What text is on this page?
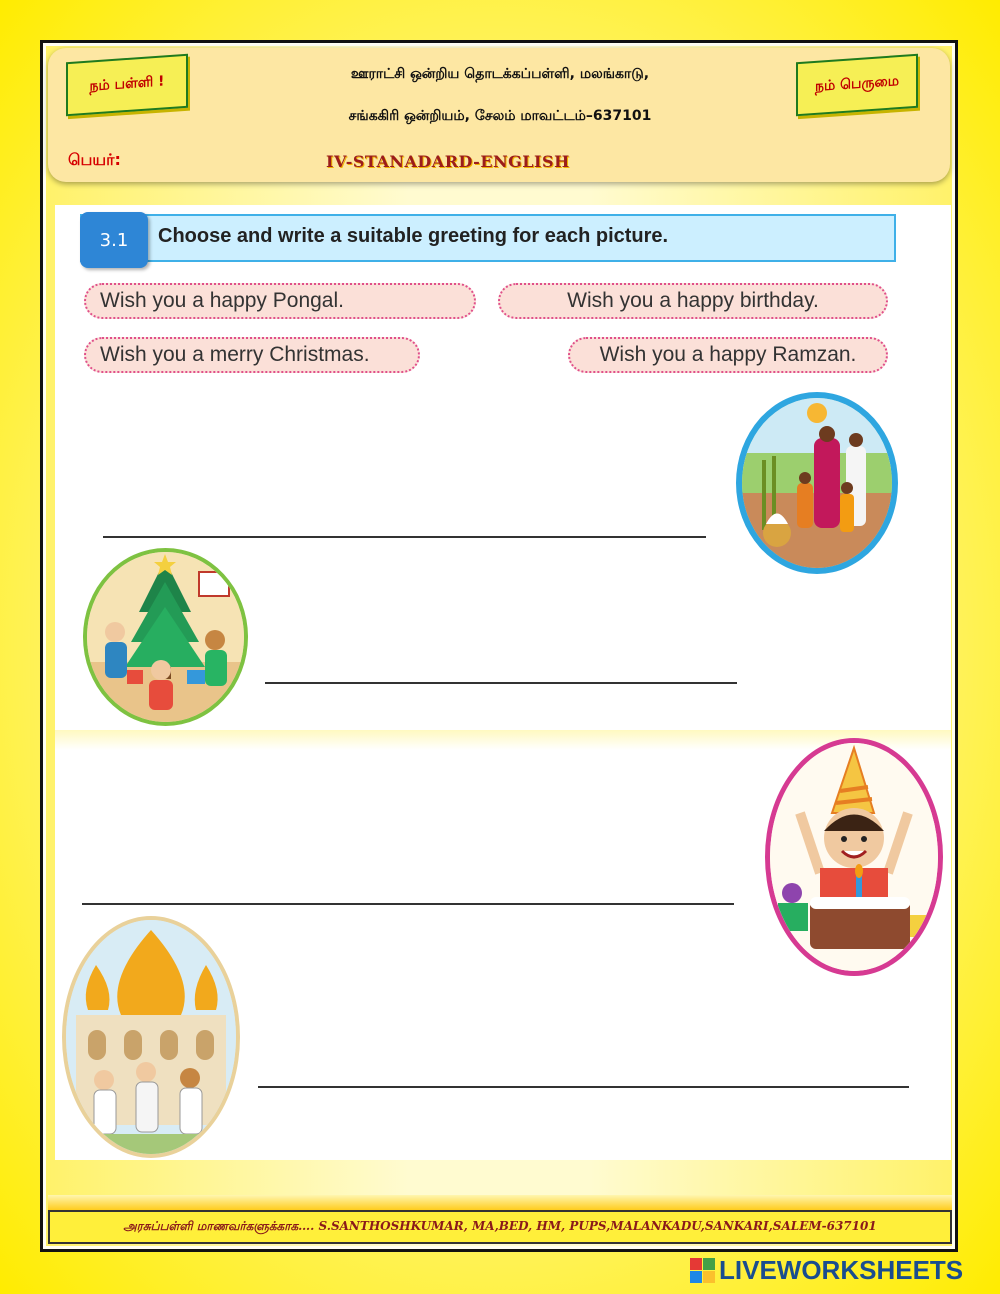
நம் பள்ளி !	நம் பெருமை
ஊராட்சி ஒன்றிய தொடக்கப்பள்ளி, மலங்காடு,
சங்ககிரி ஒன்றியம், சேலம் மாவட்டம்–637101
பெயர்:	IV-STANADARD-ENGLISH
3.1	Choose and write a suitable greeting for each picture.
Wish you a happy Pongal.	Wish you a happy birthday.
Wish you a merry Christmas.	Wish you a happy Ramzan.
அரசுப்பள்ளி மாணவர்களுக்காக…. S.SANTHOSHKUMAR, MA,BED, HM, PUPS,MALANKADU,SANKARI,SALEM-637101
LIVEWORKSHEETS
